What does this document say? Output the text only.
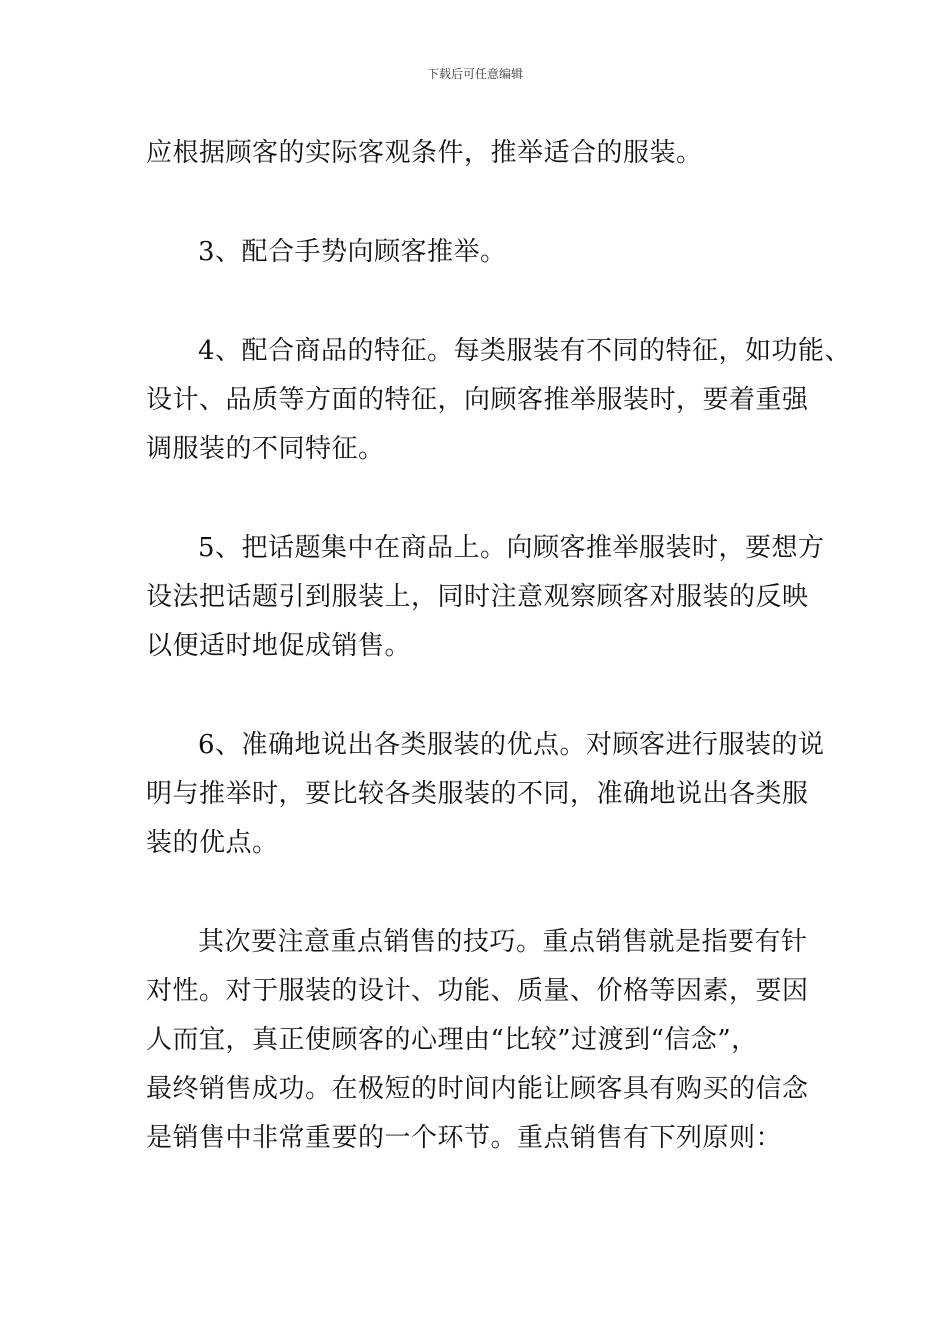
下载后可任意编辑

应根据顾客的实际客观条件，推举适合的服装。

3、配合手势向顾客推举。

4、配合商品的特征。每类服装有不同的特征，如功能、
设计、品质等方面的特征，向顾客推举服装时，要着重强
调服装的不同特征。

5、把话题集中在商品上。向顾客推举服装时，要想方
设法把话题引到服装上，同时注意观察顾客对服装的反映
以便适时地促成销售。

6、准确地说出各类服装的优点。对顾客进行服装的说
明与推举时，要比较各类服装的不同，准确地说出各类服
装的优点。

其次要注意重点销售的技巧。重点销售就是指要有针
对性。对于服装的设计、功能、质量、价格等因素，要因
人而宜，真正使顾客的心理由“比较”过渡到“信念”，
最终销售成功。在极短的时间内能让顾客具有购买的信念
是销售中非常重要的一个环节。重点销售有下列原则：
